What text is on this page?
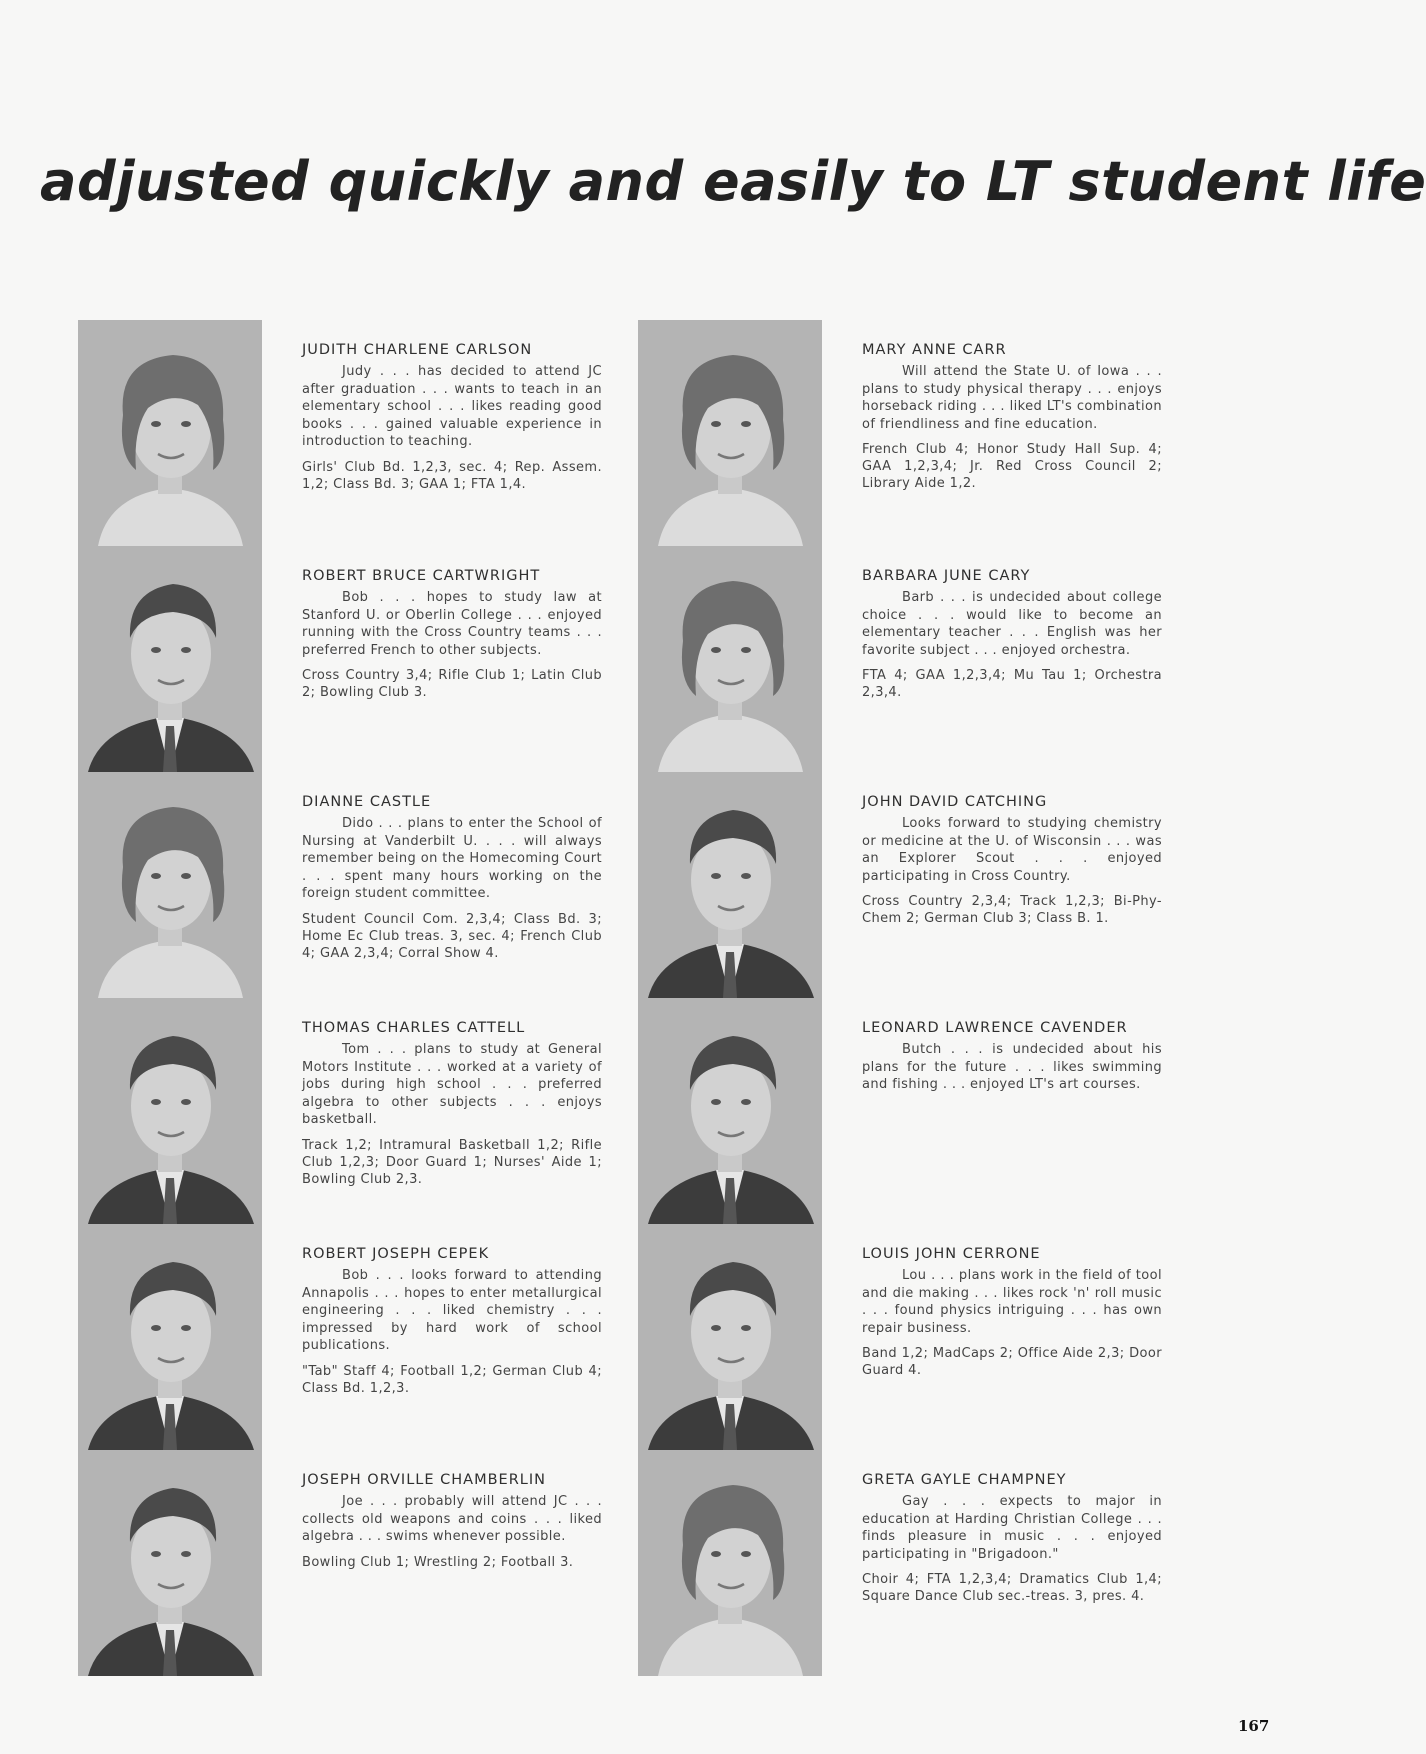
adjusted quickly and easily to LT student life
JUDITH CHARLENE CARLSON

Judy . . . has decided to attend JC after graduation . . . wants to teach in an elementary school . . . likes reading good books . . . gained valuable experience in introduction to teaching.

Girls' Club Bd. 1,2,3, sec. 4; Rep. Assem. 1,2; Class Bd. 3; GAA 1; FTA 1,4.

ROBERT BRUCE CARTWRIGHT

Bob . . . hopes to study law at Stanford U. or Oberlin College . . . enjoyed running with the Cross Country teams . . . preferred French to other subjects.

Cross Country 3,4; Rifle Club 1; Latin Club 2; Bowling Club 3.

DIANNE CASTLE

Dido . . . plans to enter the School of Nursing at Vanderbilt U. . . . will always remember being on the Homecoming Court . . . spent many hours working on the foreign student committee.

Student Council Com. 2,3,4; Class Bd. 3; Home Ec Club treas. 3, sec. 4; French Club 4; GAA 2,3,4; Corral Show 4.

THOMAS CHARLES CATTELL

Tom . . . plans to study at General Motors Institute . . . worked at a variety of jobs during high school . . . preferred algebra to other subjects . . . enjoys basketball.

Track 1,2; Intramural Basketball 1,2; Rifle Club 1,2,3; Door Guard 1; Nurses' Aide 1; Bowling Club 2,3.

ROBERT JOSEPH CEPEK

Bob . . . looks forward to attending Annapolis . . . hopes to enter metallurgical engineering . . . liked chemistry . . . impressed by hard work of school publications.

"Tab" Staff 4; Football 1,2; German Club 4; Class Bd. 1,2,3.

JOSEPH ORVILLE CHAMBERLIN

Joe . . . probably will attend JC . . . collects old weapons and coins . . . liked algebra . . . swims whenever possible.

Bowling Club 1; Wrestling 2; Football 3.

MARY ANNE CARR

Will attend the State U. of Iowa . . . plans to study physical therapy . . . enjoys horseback riding . . . liked LT's combination of friendliness and fine education.

French Club 4; Honor Study Hall Sup. 4; GAA 1,2,3,4; Jr. Red Cross Council 2; Library Aide 1,2.

BARBARA JUNE CARY

Barb . . . is undecided about college choice . . . would like to become an elementary teacher . . . English was her favorite subject . . . enjoyed orchestra.

FTA 4; GAA 1,2,3,4; Mu Tau 1; Orchestra 2,3,4.

JOHN DAVID CATCHING

Looks forward to studying chemistry or medicine at the U. of Wisconsin . . . was an Explorer Scout . . . enjoyed participating in Cross Country.

Cross Country 2,3,4; Track 1,2,3; Bi-Phy-Chem 2; German Club 3; Class B. 1.

LEONARD LAWRENCE CAVENDER

Butch . . . is undecided about his plans for the future . . . likes swimming and fishing . . . enjoyed LT's art courses.

LOUIS JOHN CERRONE

Lou . . . plans work in the field of tool and die making . . . likes rock 'n' roll music . . . found physics intriguing . . . has own repair business.

Band 1,2; MadCaps 2; Office Aide 2,3; Door Guard 4.

GRETA GAYLE CHAMPNEY

Gay . . . expects to major in education at Harding Christian College . . . finds pleasure in music . . . enjoyed participating in "Brigadoon."

Choir 4; FTA 1,2,3,4; Dramatics Club 1,4; Square Dance Club sec.-treas. 3, pres. 4.

167
